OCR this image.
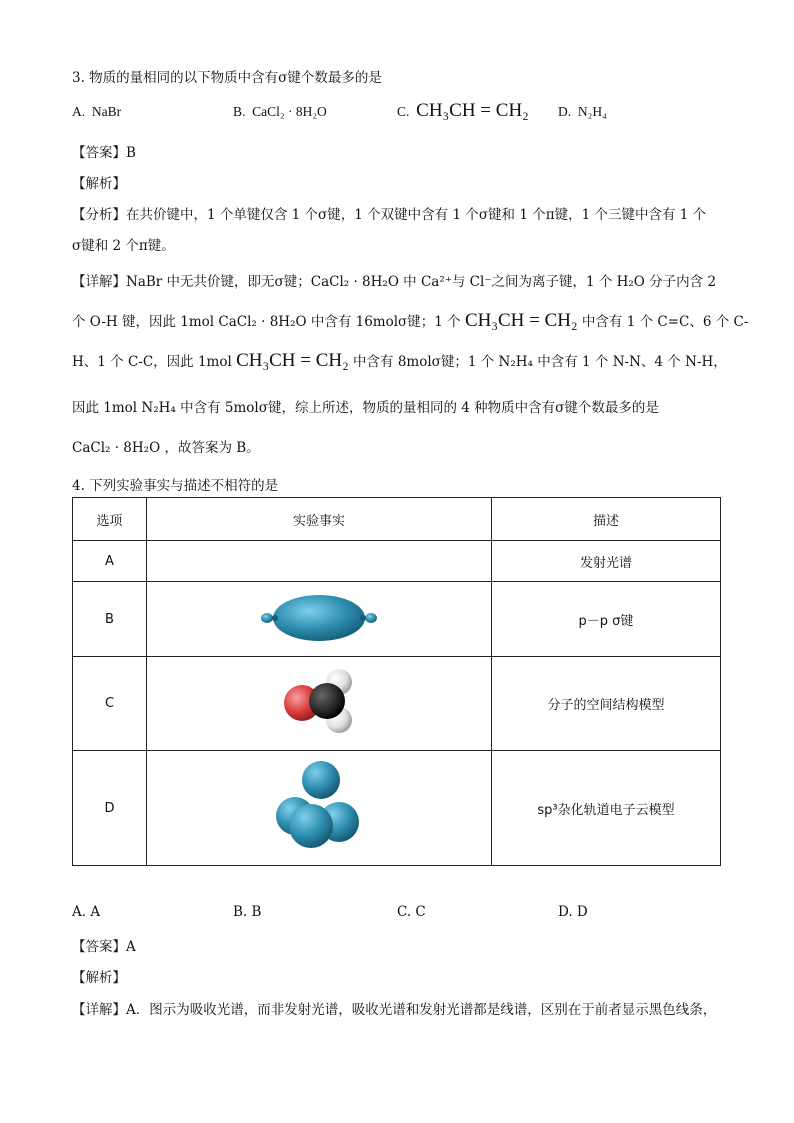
3. 物质的量相同的以下物质中含有σ键个数最多的是
A. NaBr	B. CaCl₂ · 8H₂O	C. CH₃CH = CH₂ D. N₂H₄
【答案】B
【解析】
【分析】在共价键中，1 个单键仅含 1 个σ键，1 个双键中含有 1 个σ键和 1 个π键，1 个三键中含有 1 个
σ键和 2 个π键。
【详解】NaBr 中无共价键，即无σ键；CaCl₂ · 8H₂O 中 Ca²⁺与 Cl⁻之间为离子键，1 个 H₂O 分子内含 2
个 O-H 键，因此 1mol CaCl₂ · 8H₂O 中含有 16molσ键；1 个 CH₃CH = CH₂ 中含有 1 个 C=C、6 个 C-
H、1 个 C-C，因此 1mol CH₃CH = CH₂ 中含有 8molσ键；1 个 N₂H₄ 中含有 1 个 N-N、4 个 N-H，
因此 1mol N₂H₄ 中含有 5molσ键，综上所述，物质的量相同的 4 种物质中含有σ键个数最多的是
CaCl₂ · 8H₂O ，故答案为 B。
4. 下列实验事实与描述不相符的是
选项	实验事实	描述
A		发射光谱
B		p－p σ键
C		分子的空间结构模型
D		sp³杂化轨道电子云模型
A. A	B. B	C. C	D. D
【答案】A
【解析】
【详解】A．图示为吸收光谱，而非发射光谱，吸收光谱和发射光谱都是线谱，区别在于前者显示黑色线条，
